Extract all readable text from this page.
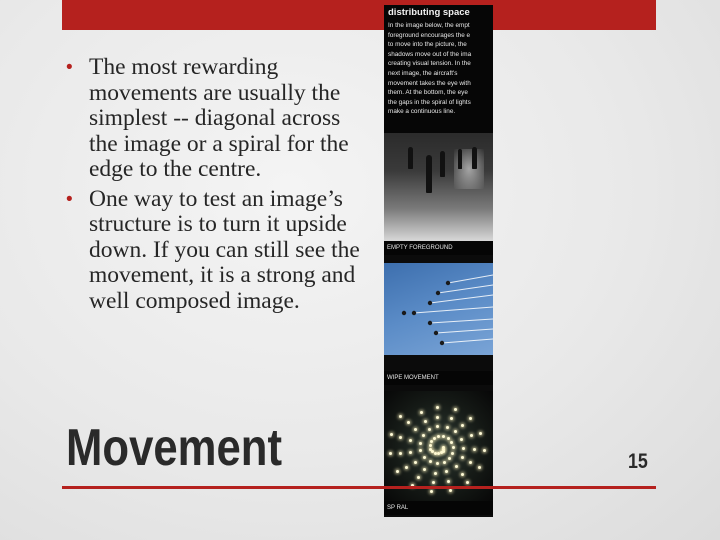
• The most rewarding movements are usually the simplest -- diagonal across the image or a spiral for the edge to the centre.
• One way to test an image’s structure is to turn it upside down. If you can still see the movement, it is a strong and well composed image.
distributing space
In the image below, the empt
foreground encourages the e
to move into the picture, the
shadows move out of the ima
creating visual tension. In the
next image, the aircraft's
movement takes the eye with
them. At the bottom, the eye
the gaps in the spiral of lights
make a continuous line.
EMPTY FOREGROUND
WIPE MOVEMENT
SP RAL
Movement	15
